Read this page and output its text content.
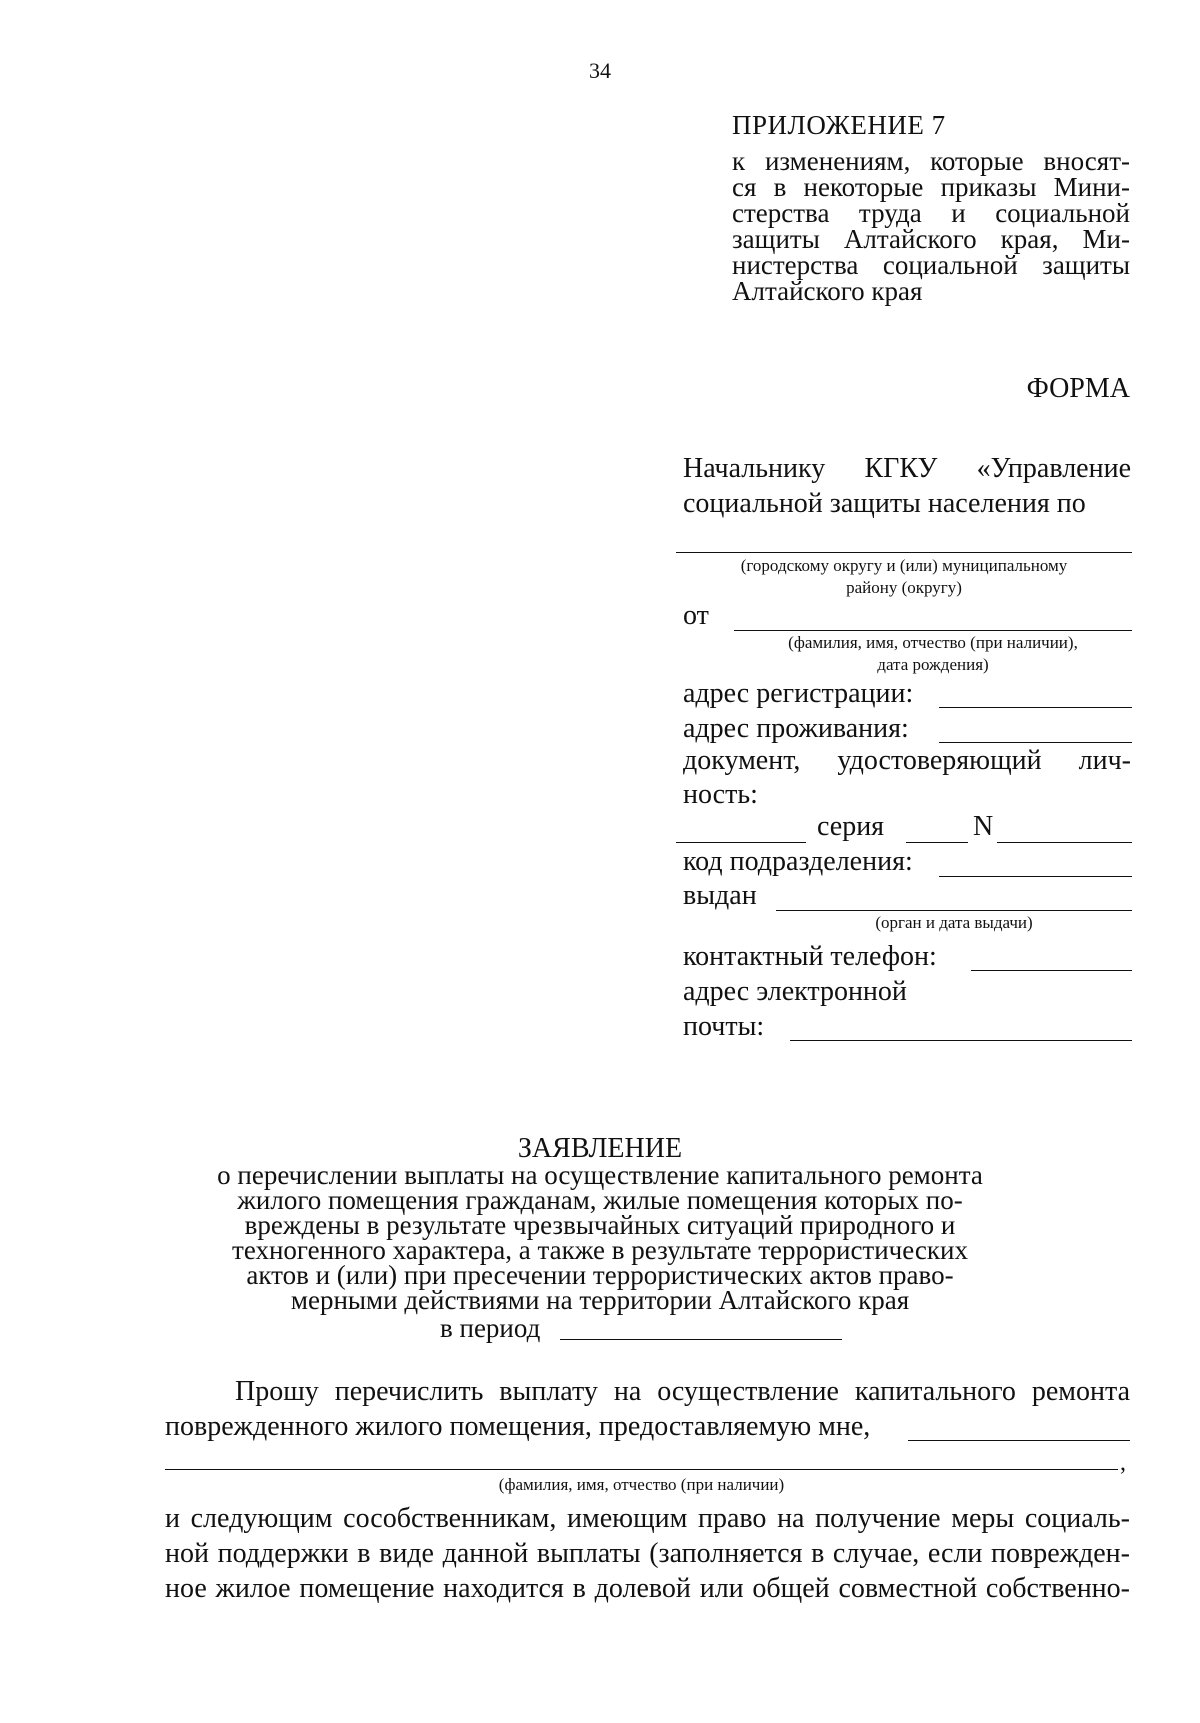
34
ПРИЛОЖЕНИЕ 7
к изменениям, которые вносят-
ся в некоторые приказы Мини-
стерства труда и социальной
защиты Алтайского края, Ми-
нистерства социальной защиты
Алтайского края
ФОРМА
Начальнику КГКУ «Управление
социальной защиты населения по
(городскому округу и (или) муниципальному
району (округу)
от
(фамилия, имя, отчество (при наличии),
дата рождения)
адрес регистрации:
адрес проживания:
документ, удостоверяющий лич-
ность:
серия	N
код подразделения:
выдан
(орган и дата выдачи)
контактный телефон:
адрес электронной
почты:
ЗАЯВЛЕНИЕ
о перечислении выплаты на осуществление капитального ремонта
жилого помещения гражданам, жилые помещения которых по-
вреждены в результате чрезвычайных ситуаций природного и
техногенного характера, а также в результате террористических
актов и (или) при пресечении террористических актов право-
мерными действиями на территории Алтайского края
в период
Прошу перечислить выплату на осуществление капитального ремонта
поврежденного жилого помещения, предоставляемую мне,
,
(фамилия, имя, отчество (при наличии)
и следующим сособственникам, имеющим право на получение меры социаль-
ной поддержки в виде данной выплаты (заполняется в случае, если поврежден-
ное жилое помещение находится в долевой или общей совместной собственно-
